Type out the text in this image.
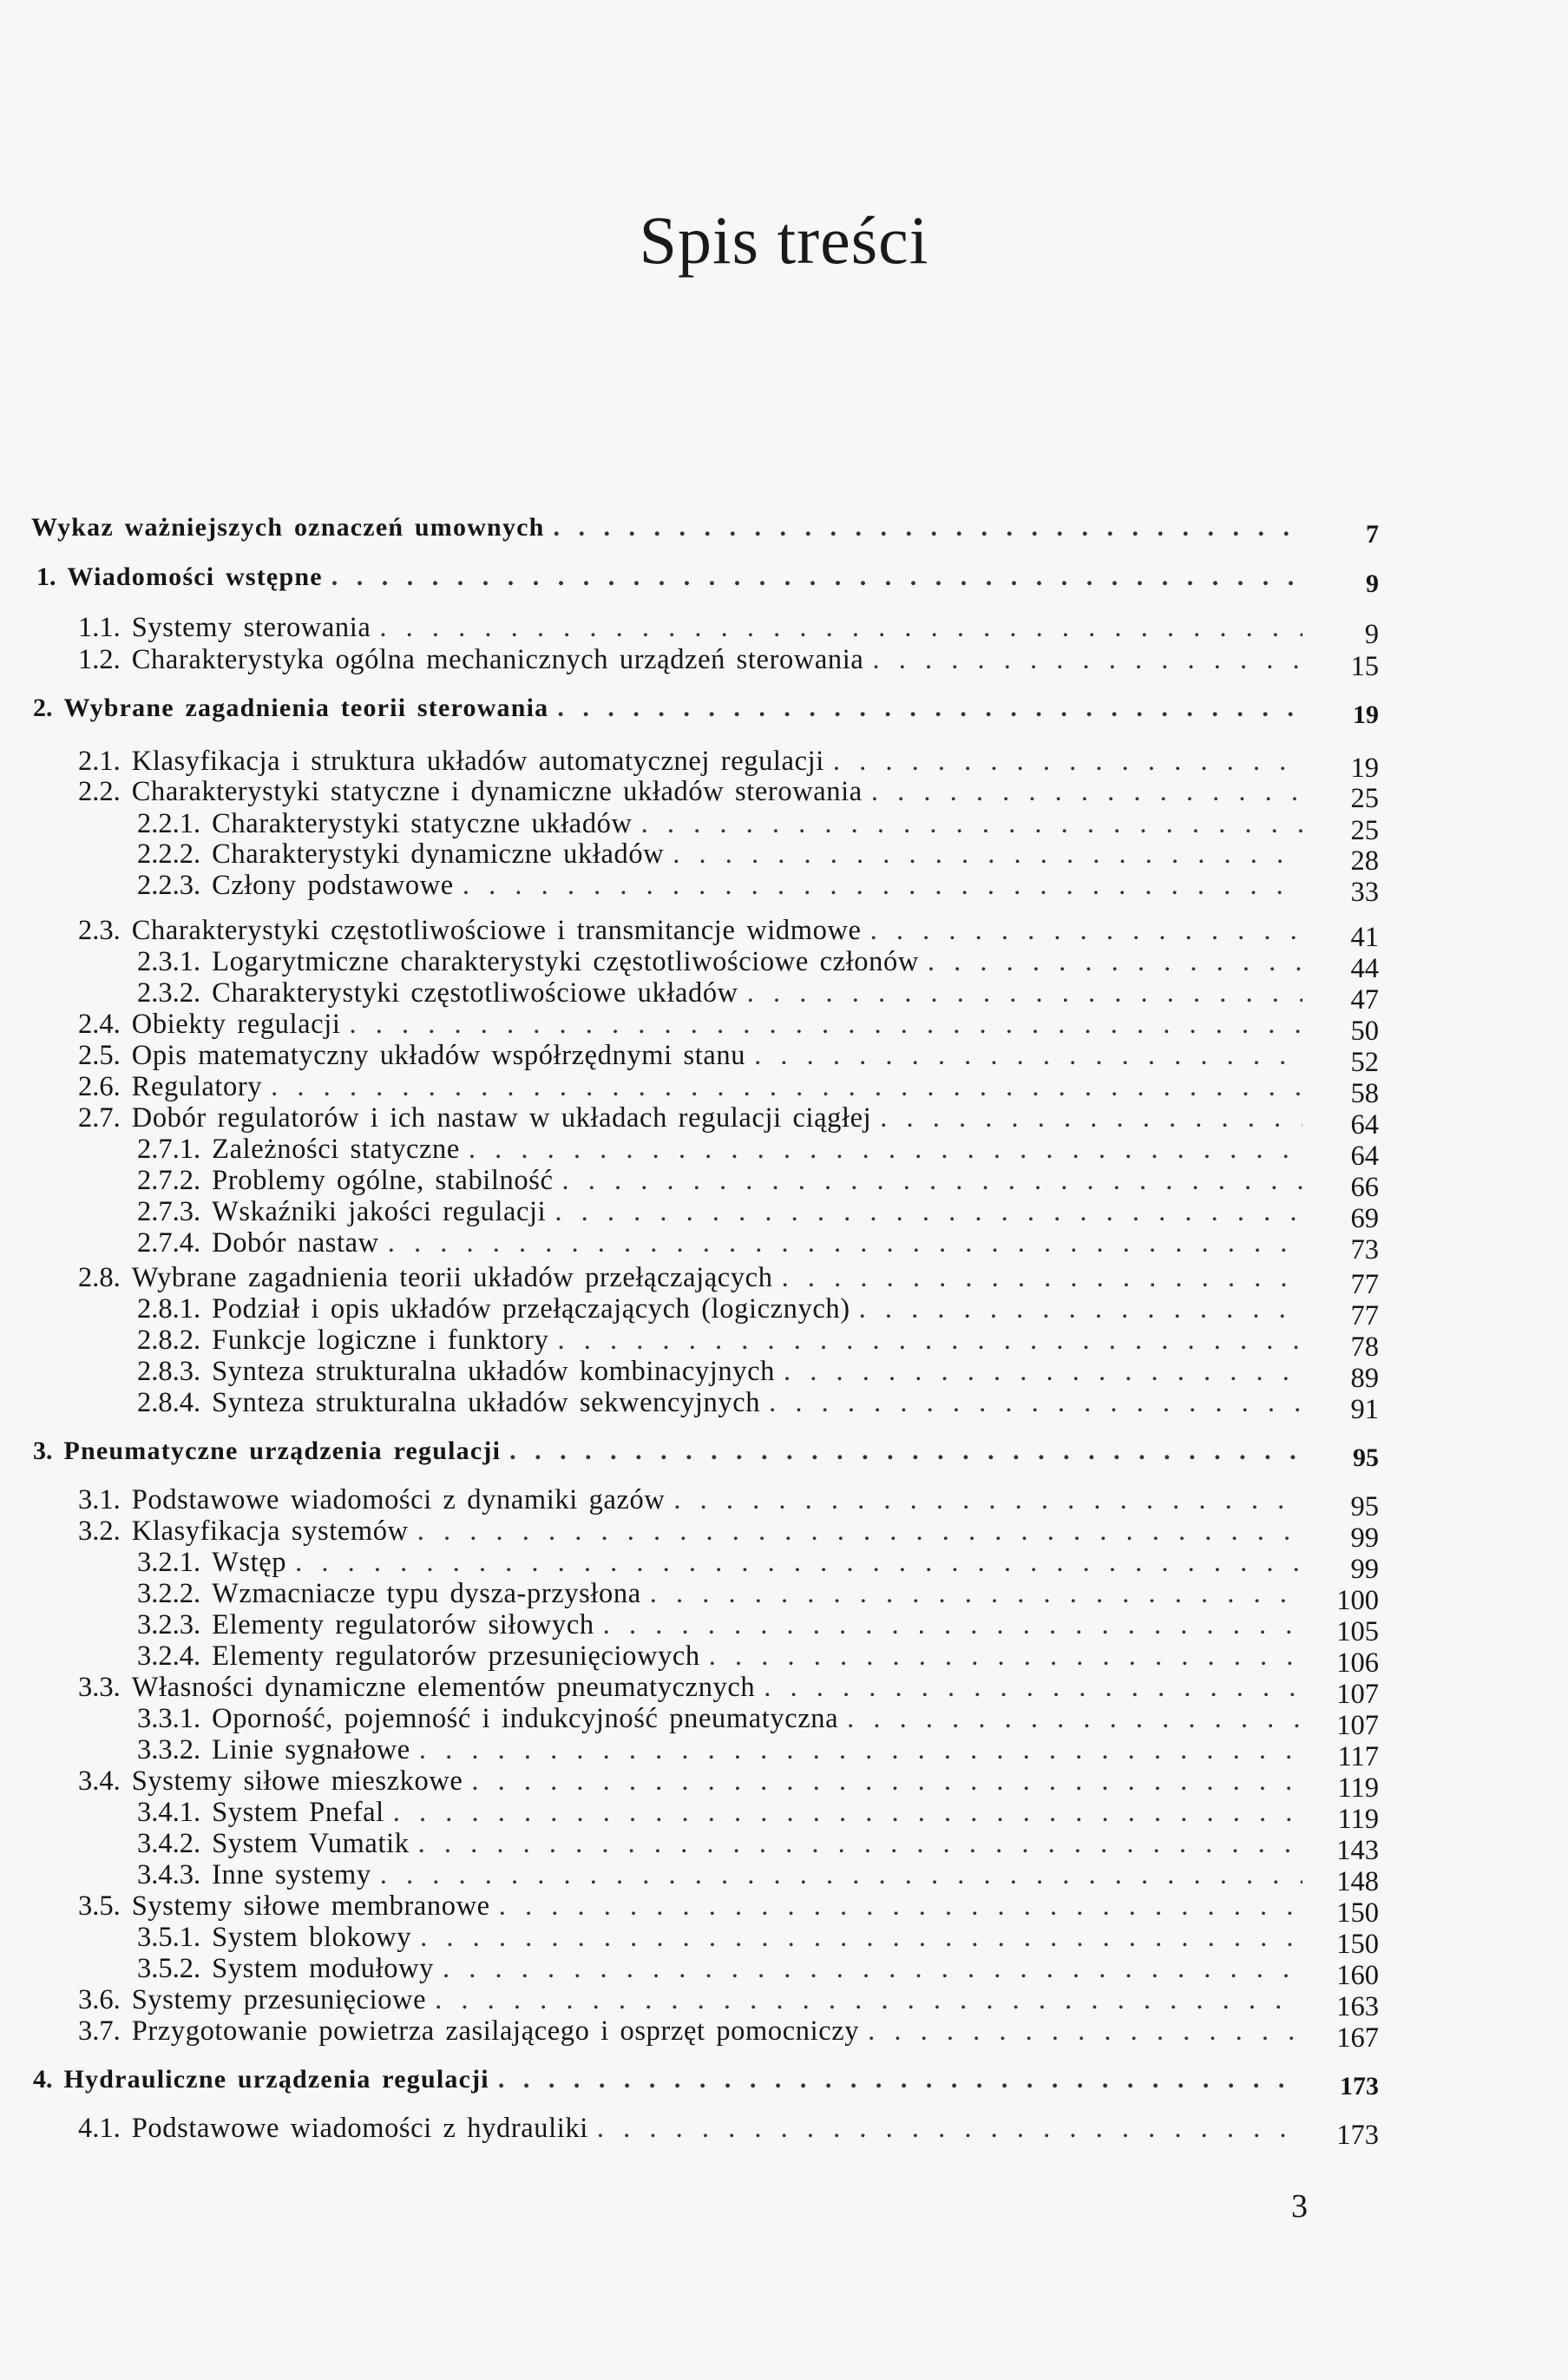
Spis treści
Wykaz ważniejszych oznaczeń umownych . . .	7
1. Wiadomości wstępne . . .	9
1.1. Systemy sterowania . . .	9
1.2. Charakterystyka ogólna mechanicznych urządzeń sterowania . . .	15
2. Wybrane zagadnienia teorii sterowania . . .	19
2.1. Klasyfikacja i struktura układów automatycznej regulacji . . .	19
2.2. Charakterystyki statyczne i dynamiczne układów sterowania . . .	25
2.2.1. Charakterystyki statyczne układów . . .	25
2.2.2. Charakterystyki dynamiczne układów . . .	28
2.2.3. Człony podstawowe . . .	33
2.3. Charakterystyki częstotliwościowe i transmitancje widmowe . . .	41
2.3.1. Logarytmiczne charakterystyki częstotliwościowe członów . . .	44
2.3.2. Charakterystyki częstotliwościowe układów . . .	47
2.4. Obiekty regulacji . . .	50
2.5. Opis matematyczny układów współrzędnymi stanu . . .	52
2.6. Regulatory . . .	58
2.7. Dobór regulatorów i ich nastaw w układach regulacji ciągłej . . .	64
2.7.1. Zależności statyczne . . .	64
2.7.2. Problemy ogólne, stabilność . . .	66
2.7.3. Wskaźniki jakości regulacji . . .	69
2.7.4. Dobór nastaw . . .	73
2.8. Wybrane zagadnienia teorii układów przełączających . . .	77
2.8.1. Podział i opis układów przełączających (logicznych) . . .	77
2.8.2. Funkcje logiczne i funktory . . .	78
2.8.3. Synteza strukturalna układów kombinacyjnych . . .	89
2.8.4. Synteza strukturalna układów sekwencyjnych . . .	91
3. Pneumatyczne urządzenia regulacji . . .	95
3.1. Podstawowe wiadomości z dynamiki gazów . . .	95
3.2. Klasyfikacja systemów . . .	99
3.2.1. Wstęp . . .	99
3.2.2. Wzmacniacze typu dysza-przysłona . . .	100
3.2.3. Elementy regulatorów siłowych . . .	105
3.2.4. Elementy regulatorów przesunięciowych . . .	106
3.3. Własności dynamiczne elementów pneumatycznych . . .	107
3.3.1. Oporność, pojemność i indukcyjność pneumatyczna . . .	107
3.3.2. Linie sygnałowe . . .	117
3.4. Systemy siłowe mieszkowe . . .	119
3.4.1. System Pnefal . . .	119
3.4.2. System Vumatik . . .	143
3.4.3. Inne systemy . . .	148
3.5. Systemy siłowe membranowe . . .	150
3.5.1. System blokowy . . .	150
3.5.2. System modułowy . . .	160
3.6. Systemy przesunięciowe . . .	163
3.7. Przygotowanie powietrza zasilającego i osprzęt pomocniczy . . .	167
4. Hydrauliczne urządzenia regulacji . . .	173
4.1. Podstawowe wiadomości z hydrauliki . . .	173
3
